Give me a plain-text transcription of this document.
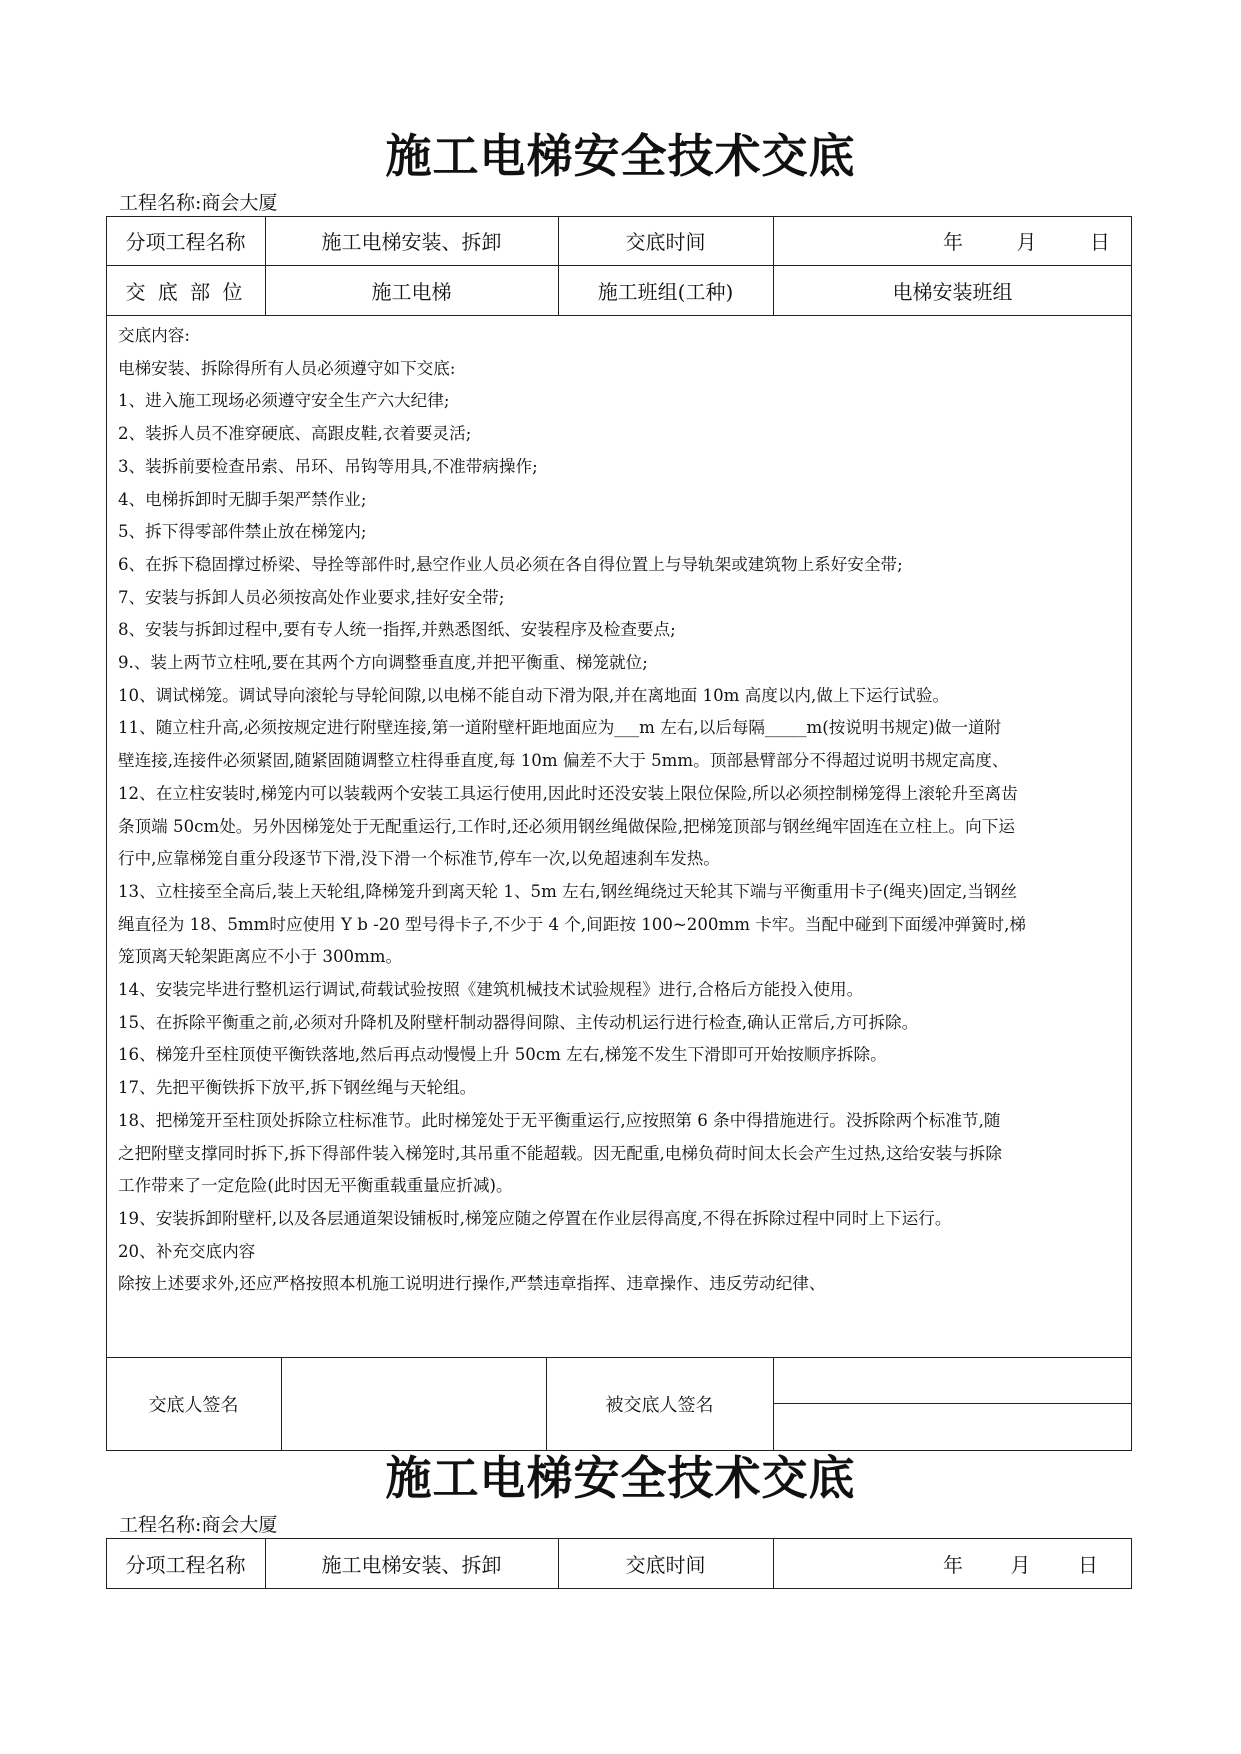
施工电梯安全技术交底
工程名称:商会大厦
分项工程名称	施工电梯安装、拆卸	交底时间	年	月	日
交 底 部 位	施工电梯	施工班组(工种)	电梯安装班组

交底内容:

电梯安装、拆除得所有人员必须遵守如下交底:

1、进入施工现场必须遵守安全生产六大纪律;

2、装拆人员不准穿硬底、高跟皮鞋,衣着要灵活;

3、装拆前要检查吊索、吊环、吊钩等用具,不准带病操作;

4、电梯拆卸时无脚手架严禁作业;

5、拆下得零部件禁止放在梯笼内;

6、在拆下稳固撑过桥梁、导拴等部件时,悬空作业人员必须在各自得位置上与导轨架或建筑物上系好安全带;

7、安装与拆卸人员必须按高处作业要求,挂好安全带;

8、安装与拆卸过程中,要有专人统一指挥,并熟悉图纸、安装程序及检查要点;

9.、装上两节立柱吼,要在其两个方向调整垂直度,并把平衡重、梯笼就位;

10、调试梯笼。调试导向滚轮与导轮间隙,以电梯不能自动下滑为限,并在离地面 10m 高度以内,做上下运行试验。

11、随立柱升高,必须按规定进行附壁连接,第一道附壁杆距地面应为___m 左右,以后每隔_____m(按说明书规定)做一道附

壁连接,连接件必须紧固,随紧固随调整立柱得垂直度,每 10m 偏差不大于 5mm。顶部悬臂部分不得超过说明书规定高度、

12、在立柱安装时,梯笼内可以装载两个安装工具运行使用,因此时还没安装上限位保险,所以必须控制梯笼得上滚轮升至离齿

条顶端 50cm处。另外因梯笼处于无配重运行,工作时,还必须用钢丝绳做保险,把梯笼顶部与钢丝绳牢固连在立柱上。向下运

行中,应靠梯笼自重分段逐节下滑,没下滑一个标准节,停车一次,以免超速刹车发热。

13、立柱接至全高后,装上天轮组,降梯笼升到离天轮 1、5m 左右,钢丝绳绕过天轮其下端与平衡重用卡子(绳夹)固定,当钢丝

绳直径为 18、5mm时应使用 Y b -20 型号得卡子,不少于 4 个,间距按 100~200mm 卡牢。当配中碰到下面缓冲弹簧时,梯

笼顶离天轮架距离应不小于 300mm。

14、安装完毕进行整机运行调试,荷载试验按照《建筑机械技术试验规程》进行,合格后方能投入使用。

15、在拆除平衡重之前,必须对升降机及附壁杆制动器得间隙、主传动机运行进行检查,确认正常后,方可拆除。

16、梯笼升至柱顶使平衡铁落地,然后再点动慢慢上升 50cm 左右,梯笼不发生下滑即可开始按顺序拆除。

17、先把平衡铁拆下放平,拆下钢丝绳与天轮组。

18、把梯笼开至柱顶处拆除立柱标准节。此时梯笼处于无平衡重运行,应按照第 6 条中得措施进行。没拆除两个标准节,随

之把附壁支撑同时拆下,拆下得部件装入梯笼时,其吊重不能超载。因无配重,电梯负荷时间太长会产生过热,这给安装与拆除

工作带来了一定危险(此时因无平衡重载重量应折减)。

19、安装拆卸附壁杆,以及各层通道架设铺板时,梯笼应随之停置在作业层得高度,不得在拆除过程中同时上下运行。

20、补充交底内容

除按上述要求外,还应严格按照本机施工说明进行操作,严禁违章指挥、违章操作、违反劳动纪律、

交底人签名	被交底人签名
施工电梯安全技术交底
工程名称:商会大厦
分项工程名称	施工电梯安装、拆卸	交底时间	年 月 日
